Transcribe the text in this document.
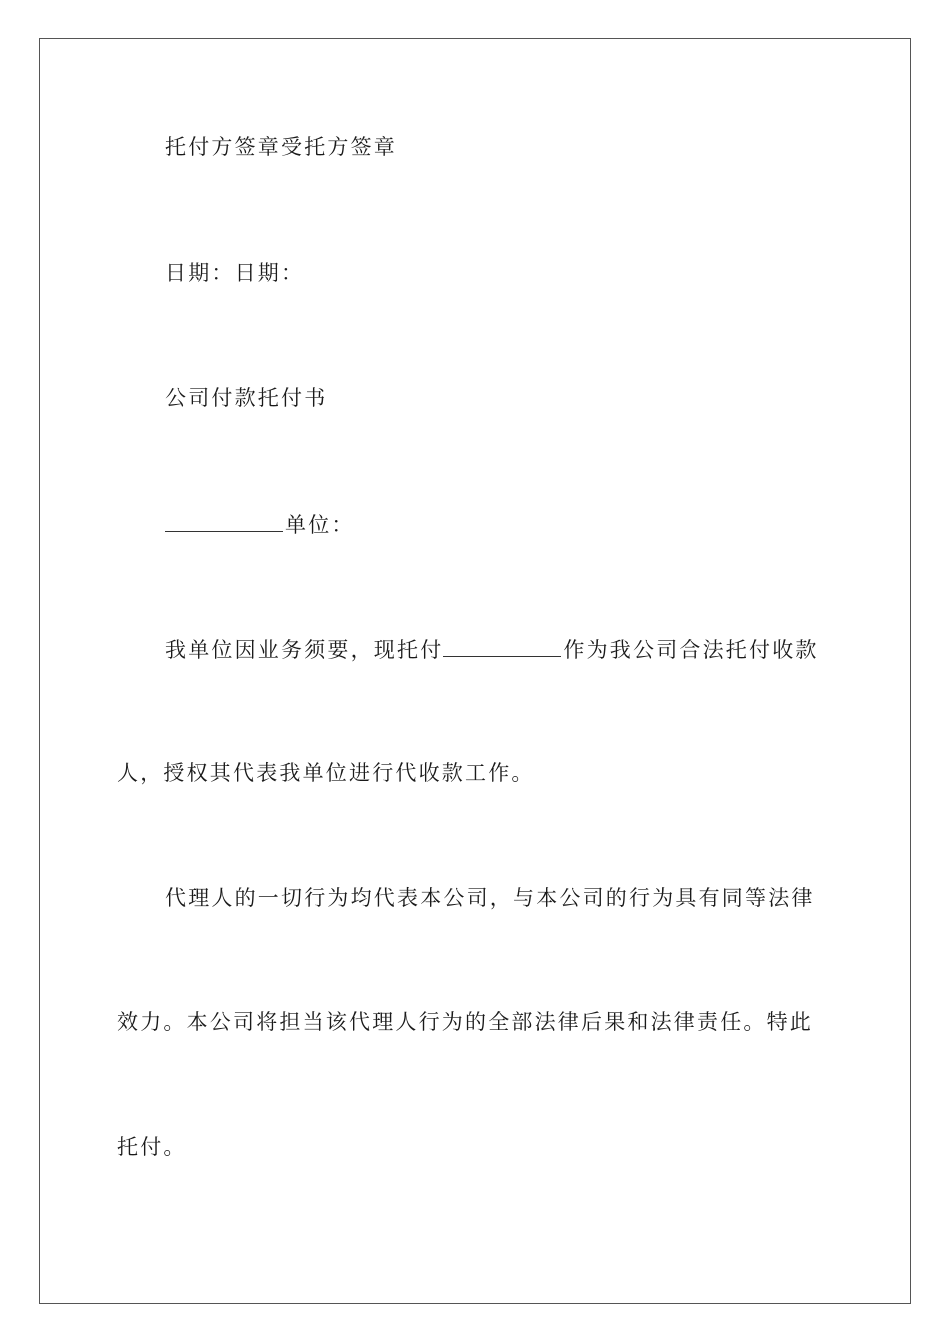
托付方签章受托方签章
日期：日期：
公司付款托付书
单位：
我单位因业务须要，现托付	作为我公司合法托付收款
人，授权其代表我单位进行代收款工作。
代理人的一切行为均代表本公司，与本公司的行为具有同等法律
效力。本公司将担当该代理人行为的全部法律后果和法律责任。特此
托付。
